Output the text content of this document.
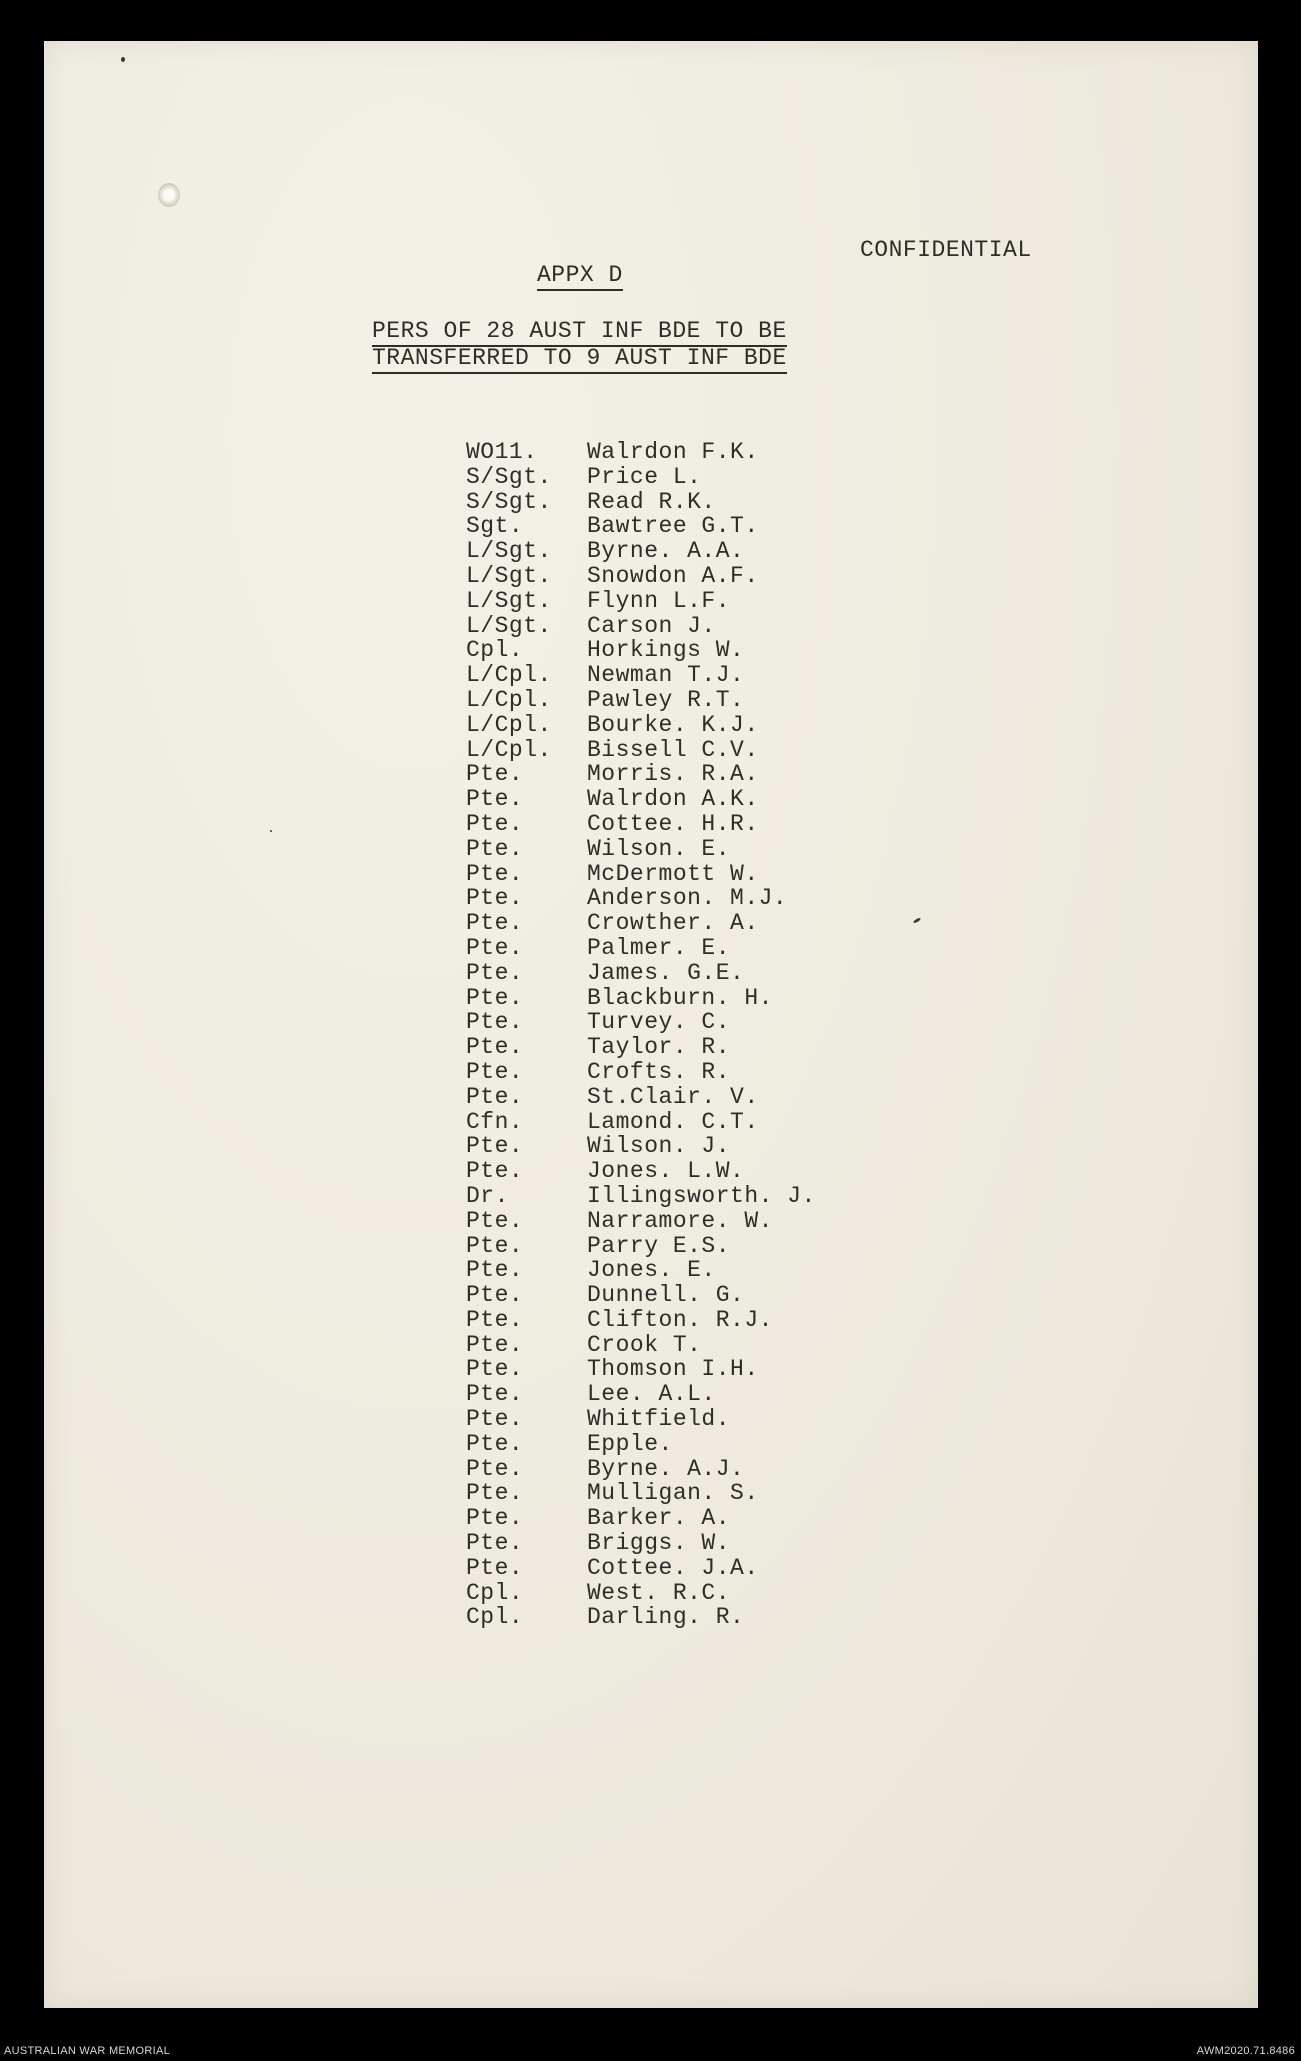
CONFIDENTIAL
APPX D
PERS OF 28 AUST INF BDE TO BE
TRANSFERRED TO 9 AUST INF BDE
WO11.	Walrdon F.K.
S/Sgt.	Price L.
S/Sgt.	Read R.K.
Sgt.	Bawtree G.T.
L/Sgt.	Byrne. A.A.
L/Sgt.	Snowdon A.F.
L/Sgt.	Flynn L.F.
L/Sgt.	Carson J.
Cpl.	Horkings W.
L/Cpl.	Newman T.J.
L/Cpl.	Pawley R.T.
L/Cpl.	Bourke. K.J.
L/Cpl.	Bissell C.V.
Pte.	Morris. R.A.
Pte.	Walrdon A.K.
Pte.	Cottee. H.R.
Pte.	Wilson. E.
Pte.	McDermott W.
Pte.	Anderson. M.J.
Pte.	Crowther. A.
Pte.	Palmer. E.
Pte.	James. G.E.
Pte.	Blackburn. H.
Pte.	Turvey. C.
Pte.	Taylor. R.
Pte.	Crofts. R.
Pte.	St.Clair. V.
Cfn.	Lamond. C.T.
Pte.	Wilson. J.
Pte.	Jones. L.W.
Dr.	Illingsworth. J.
Pte.	Narramore. W.
Pte.	Parry E.S.
Pte.	Jones. E.
Pte.	Dunnell. G.
Pte.	Clifton. R.J.
Pte.	Crook T.
Pte.	Thomson I.H.
Pte.	Lee. A.L.
Pte.	Whitfield.
Pte.	Epple.
Pte.	Byrne. A.J.
Pte.	Mulligan. S.
Pte.	Barker. A.
Pte.	Briggs. W.
Pte.	Cottee. J.A.
Cpl.	West. R.C.
Cpl.	Darling. R.
AUSTRALIAN WAR MEMORIAL	AWM2020.71.8486
